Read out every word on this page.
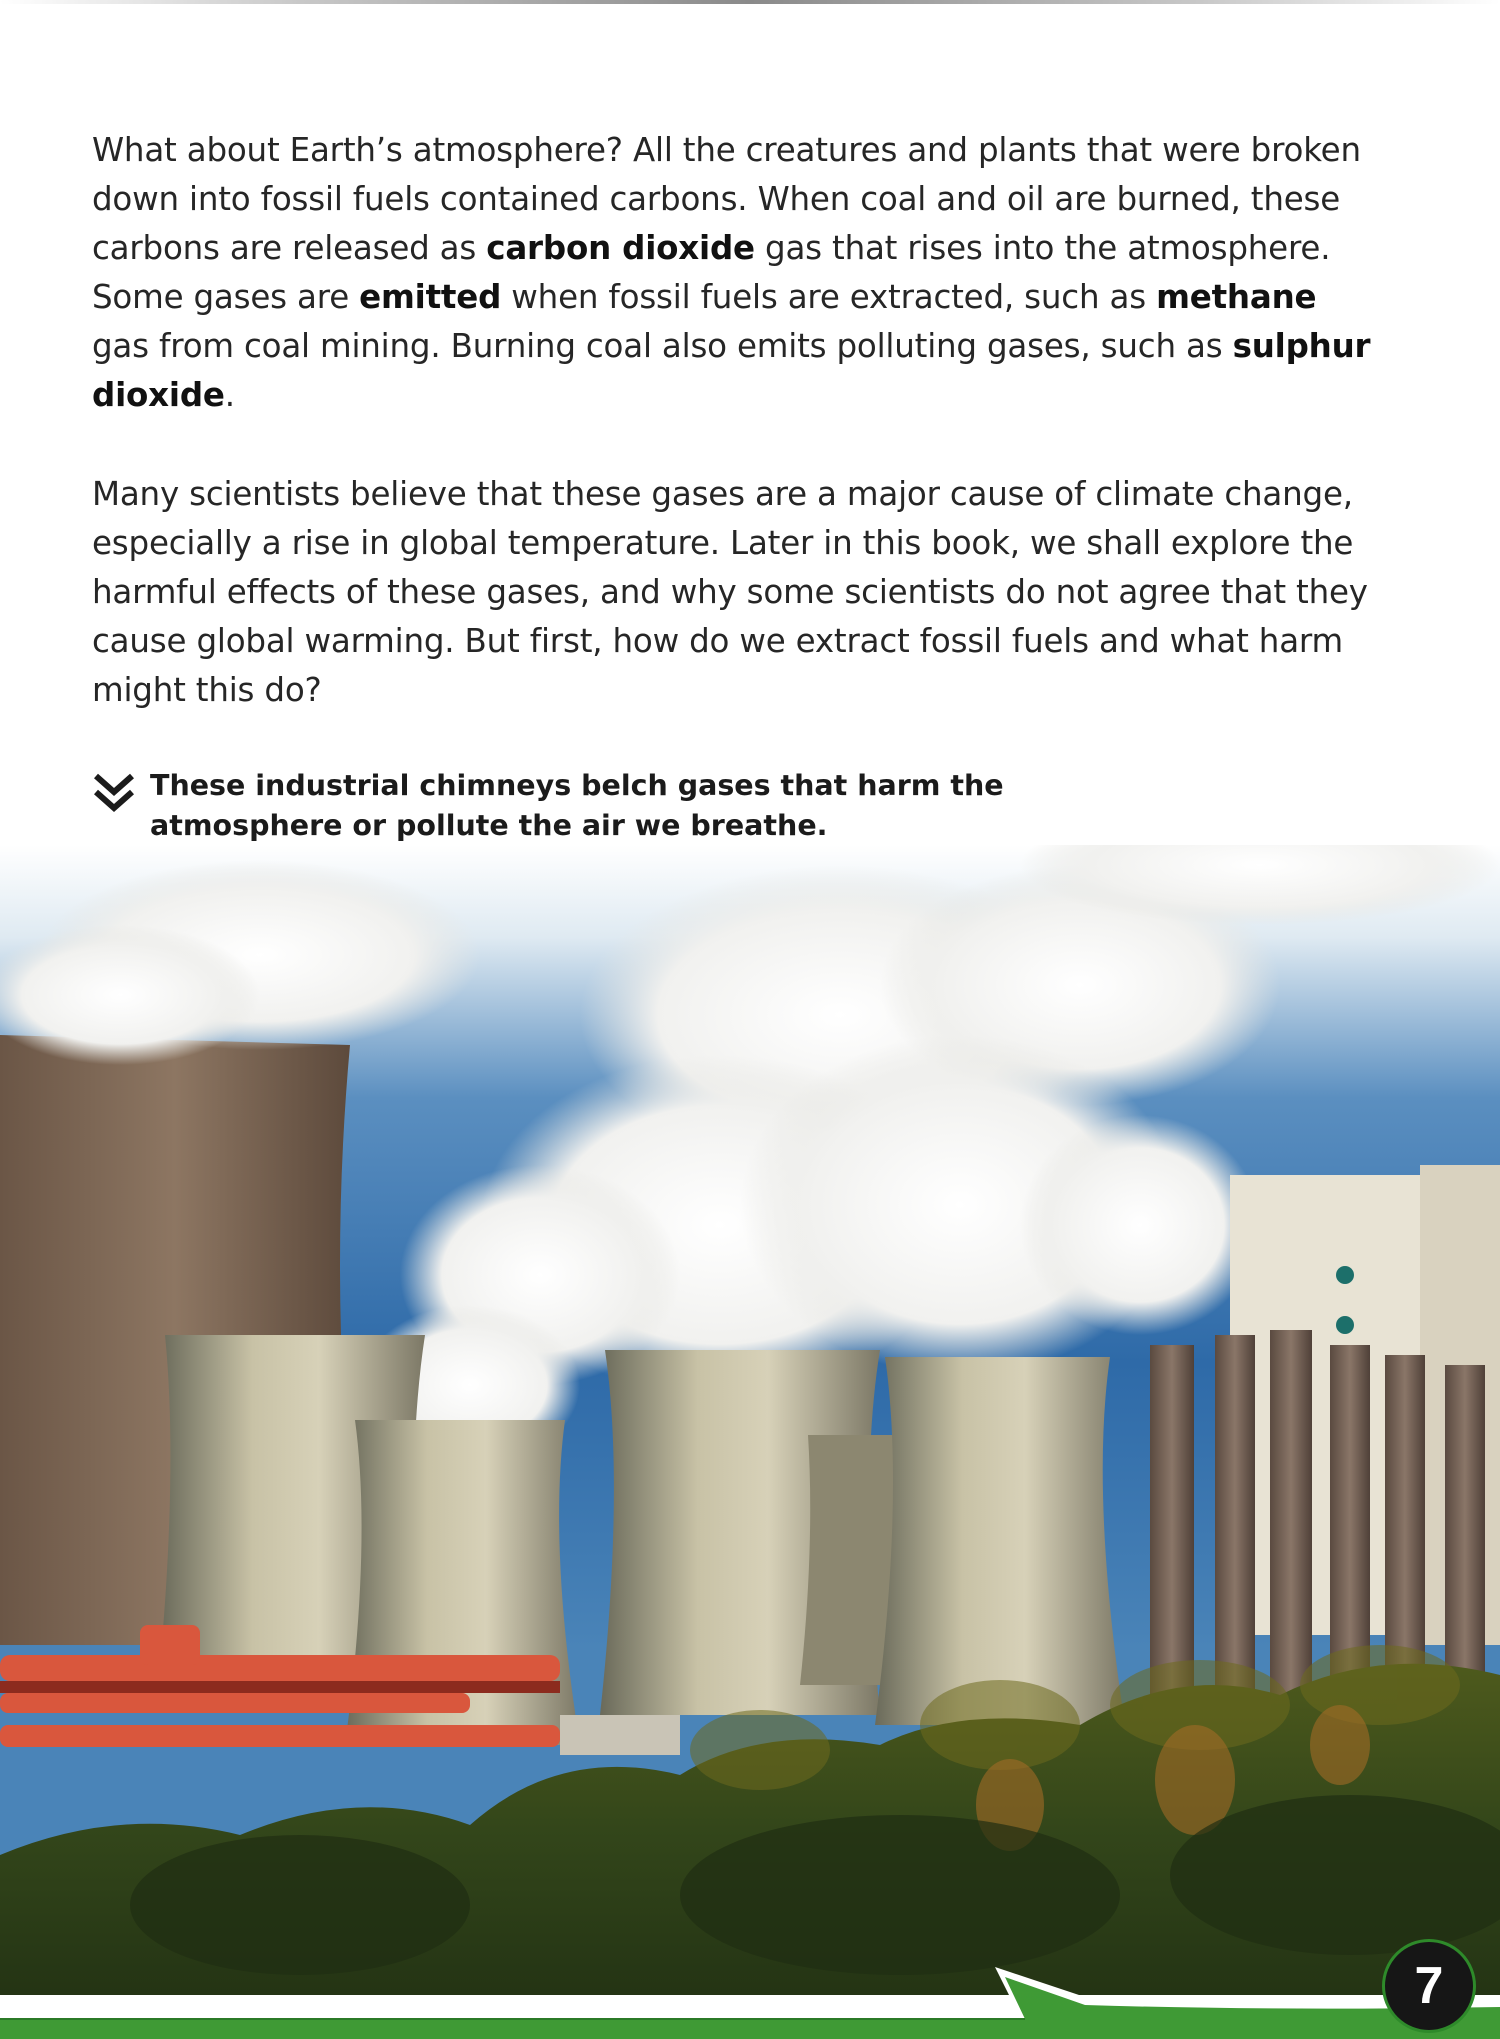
What about Earth’s atmosphere? All the creatures and plants that were broken down into fossil fuels contained carbons. When coal and oil are burned, these carbons are released as carbon dioxide gas that rises into the atmosphere. Some gases are emitted when fossil fuels are extracted, such as methane gas from coal mining. Burning coal also emits polluting gases, such as sulphur dioxide.
Many scientists believe that these gases are a major cause of climate change, especially a rise in global temperature. Later in this book, we shall explore the harmful effects of these gases, and why some scientists do not agree that they cause global warming. But first, how do we extract fossil fuels and what harm might this do?
These industrial chimneys belch gases that harm the atmosphere or pollute the air we breathe.
7
